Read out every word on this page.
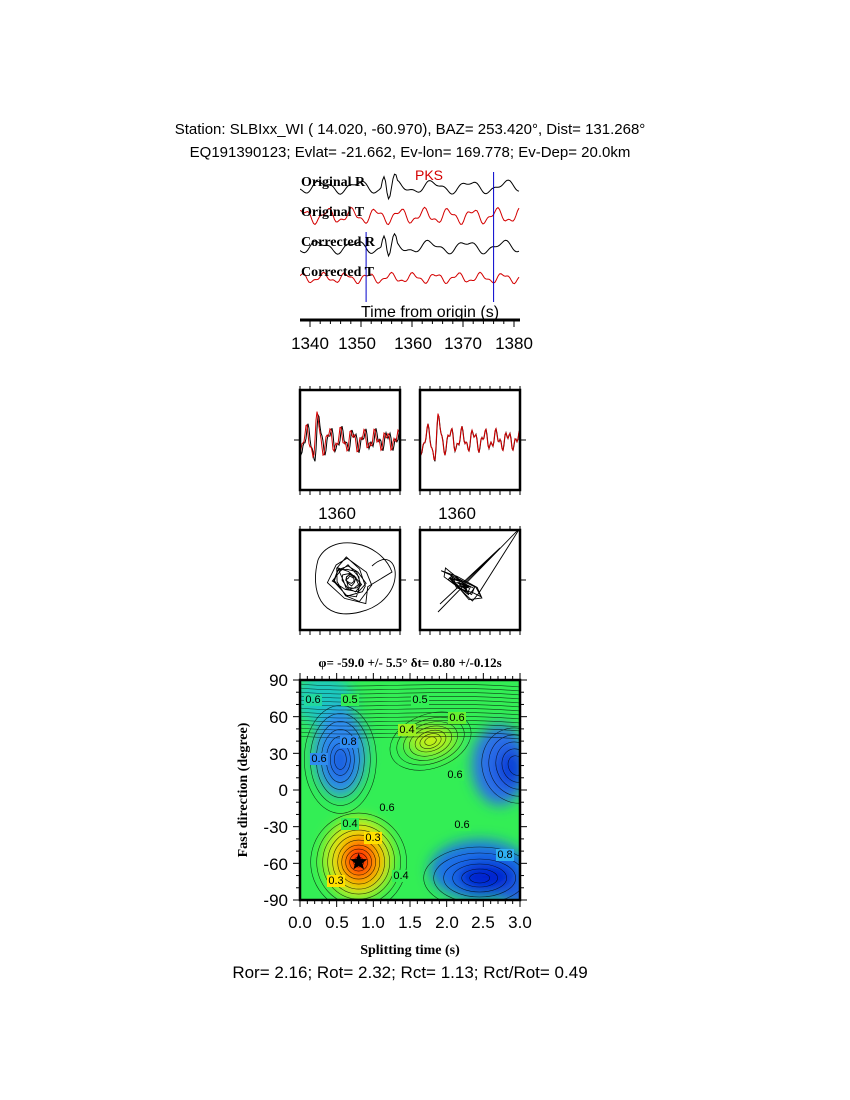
Station: SLBIxx_WI ( 14.020, -60.970), BAZ= 253.420°, Dist= 131.268°
EQ191390123; Evlat= -21.662, Ev-lon= 169.778; Ev-Dep= 20.0km
Original R
Original T
Corrected R
Corrected T
PKS
Time from origin (s)
1340 1350 1360 1370 1380
1360	1360
φ= -59.0 +/- 5.5° δt= 0.80 +/-0.12s
0.6 0.5	0.5
0.6
0.8
0.6
0.4
0.6
0.6
0.6
0.4
0.3
0.3	0.4
0.8
90
60
30
0
-30
-60
-90
0.0 0.5 1.0 1.5 2.0 2.5 3.0
Splitting time (s)
Fast direction (degree)
Ror= 2.16; Rot= 2.32; Rct= 1.13; Rct/Rot= 0.49
